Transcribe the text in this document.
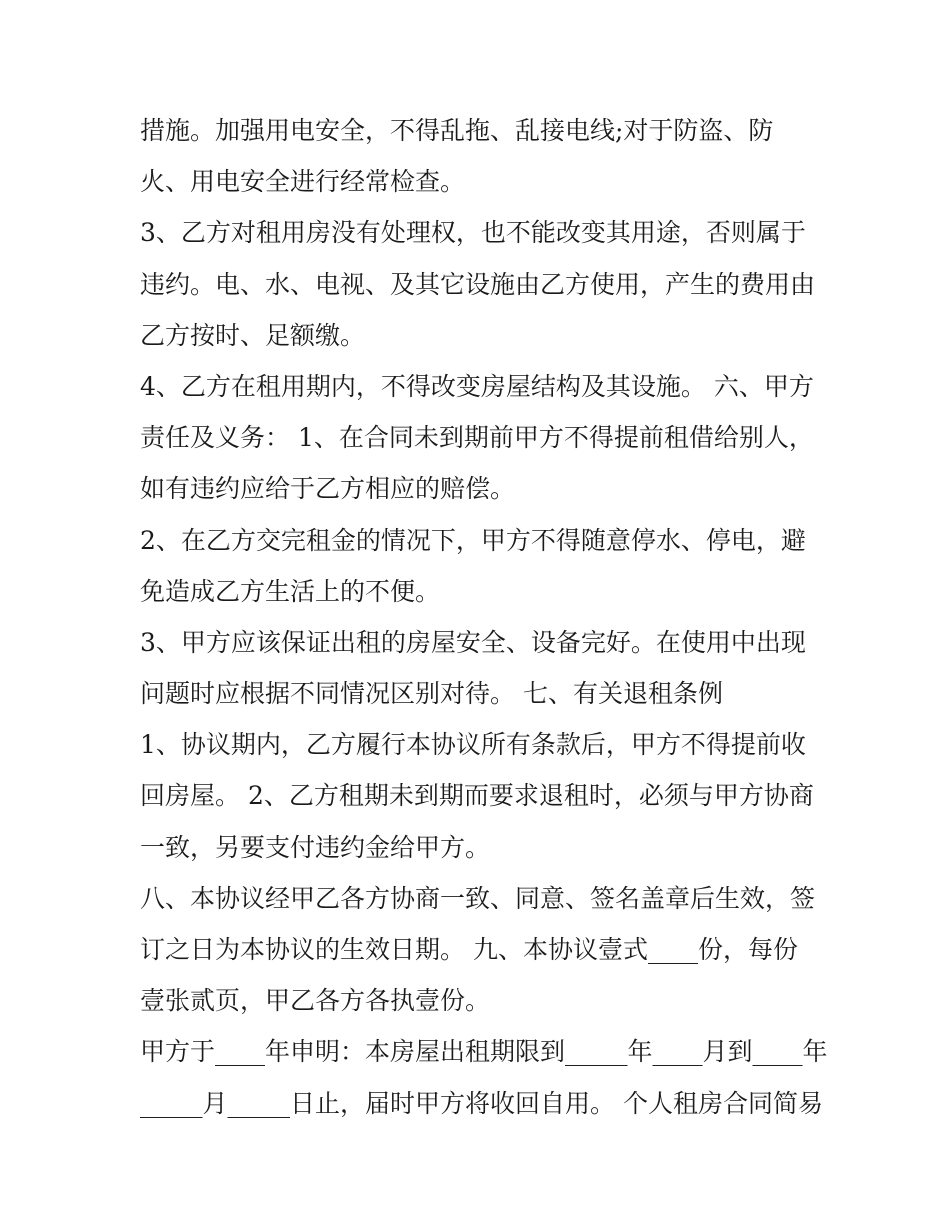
措施。加强用电安全，不得乱拖、乱接电线;对于防盗、防
火、用电安全进行经常检查。
3、乙方对租用房没有处理权，也不能改变其用途，否则属于
违约。电、水、电视、及其它设施由乙方使用，产生的费用由
乙方按时、足额缴。
4、乙方在租用期内，不得改变房屋结构及其设施。 六、甲方
责任及义务： 1、在合同未到期前甲方不得提前租借给别人，
如有违约应给于乙方相应的赔偿。
2、在乙方交完租金的情况下，甲方不得随意停水、停电，避
免造成乙方生活上的不便。
3、甲方应该保证出租的房屋安全、设备完好。在使用中出现
问题时应根据不同情况区别对待。 七、有关退租条例
1、协议期内，乙方履行本协议所有条款后，甲方不得提前收
回房屋。 2、乙方租期未到期而要求退租时，必须与甲方协商
一致，另要支付违约金给甲方。
八、本协议经甲乙各方协商一致、同意、签名盖章后生效，签
订之日为本协议的生效日期。 九、本协议壹式____份，每份
壹张贰页，甲乙各方各执壹份。
甲方于____年申明：本房屋出租期限到_____年____月到____年
_____月_____日止，届时甲方将收回自用。 个人租房合同简易
